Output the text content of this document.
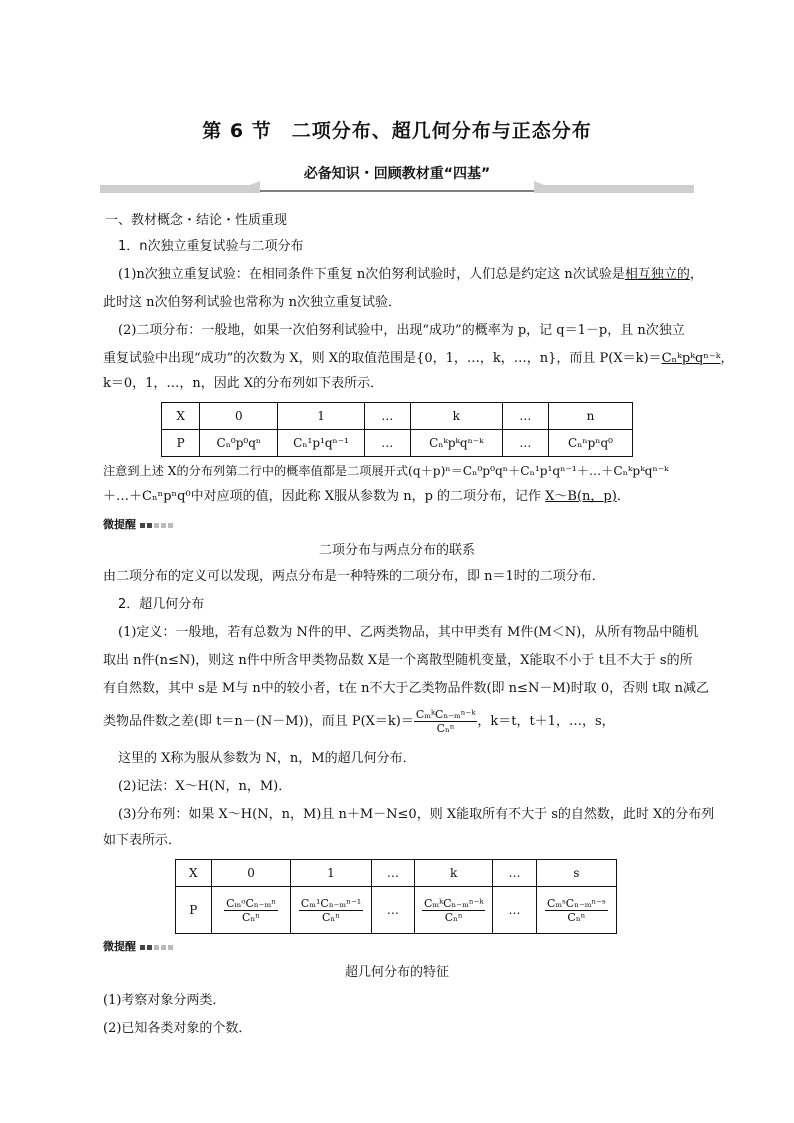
第 6 节　二项分布、超几何分布与正态分布
必备知识・回顾教材重“四基”
一、教材概念・结论・性质重现
1．n次独立重复试验与二项分布
(1)n次独立重复试验：在相同条件下重复 n次伯努利试验时，人们总是约定这 n次试验是相互独立的，
此时这 n次伯努利试验也常称为 n次独立重复试验．
(2)二项分布：一般地，如果一次伯努利试验中，出现“成功”的概率为 p，记 q＝1－p，且 n次独立
重复试验中出现“成功”的次数为 X，则 X的取值范围是{0，1，…，k，…，n}，而且 P(X＝k)＝Cₙᵏpᵏqⁿ⁻ᵏ，
k＝0，1，…，n，因此 X的分布列如下表所示．
X	0	1	…	k	…	n
P	Cₙ⁰p⁰qⁿ	Cₙ¹p¹qⁿ⁻¹	…	Cₙᵏpᵏqⁿ⁻ᵏ	…	Cₙⁿpⁿq⁰
注意到上述 X的分布列第二行中的概率值都是二项展开式(q＋p)ⁿ＝Cₙ⁰p⁰qⁿ＋Cₙ¹p¹qⁿ⁻¹＋…＋Cₙᵏpᵏqⁿ⁻ᵏ
＋…＋Cₙⁿpⁿq⁰中对应项的值，因此称 X服从参数为 n，p 的二项分布，记作 X～B(n，p)．
微提醒
二项分布与两点分布的联系
由二项分布的定义可以发现，两点分布是一种特殊的二项分布，即 n＝1时的二项分布．
2．超几何分布
(1)定义：一般地，若有总数为 N件的甲、乙两类物品，其中甲类有 M件(M＜N)，从所有物品中随机
取出 n件(n≤N)，则这 n件中所含甲类物品数 X是一个离散型随机变量，X能取不小于 t且不大于 s的所
有自然数，其中 s是 M与 n中的较小者，t在 n不大于乙类物品件数(即 n≤N－M)时取 0，否则 t取 n减乙
类物品件数之差(即 t＝n－(N－M))，而且 $P(X=k)= \frac{\text{CₘᵏCₙ₋ₘⁿ⁻ᵏ}}{\text{Cₙⁿ}}$ ，k＝t，t＋1，…，s，
这里的 X称为服从参数为 N，n，M的超几何分布．
(2)记法：X～H(N，n，M)．
(3)分布列：如果 X～H(N，n，M)且 n＋M－N≤0，则 X能取所有不大于 s的自然数，此时 X的分布列
如下表所示．
X	0	1	…	k	…	s
P	$\frac{\text{CₘᵒCₙ₋ₘⁿ}}{\text{Cₙⁿ}}$	$\frac{\text{Cₘ¹Cₙ₋ₘⁿ⁻¹}}{\text{Cₙⁿ}}$	…	$\frac{\text{CₘᵏCₙ₋ₘⁿ⁻ᵏ}}{\text{Cₙⁿ}}$	…	$\frac{\text{CₘˢCₙ₋ₘⁿ⁻ˢ}}{\text{Cₙⁿ}}$
微提醒
超几何分布的特征
(1)考察对象分两类．
(2)已知各类对象的个数．
